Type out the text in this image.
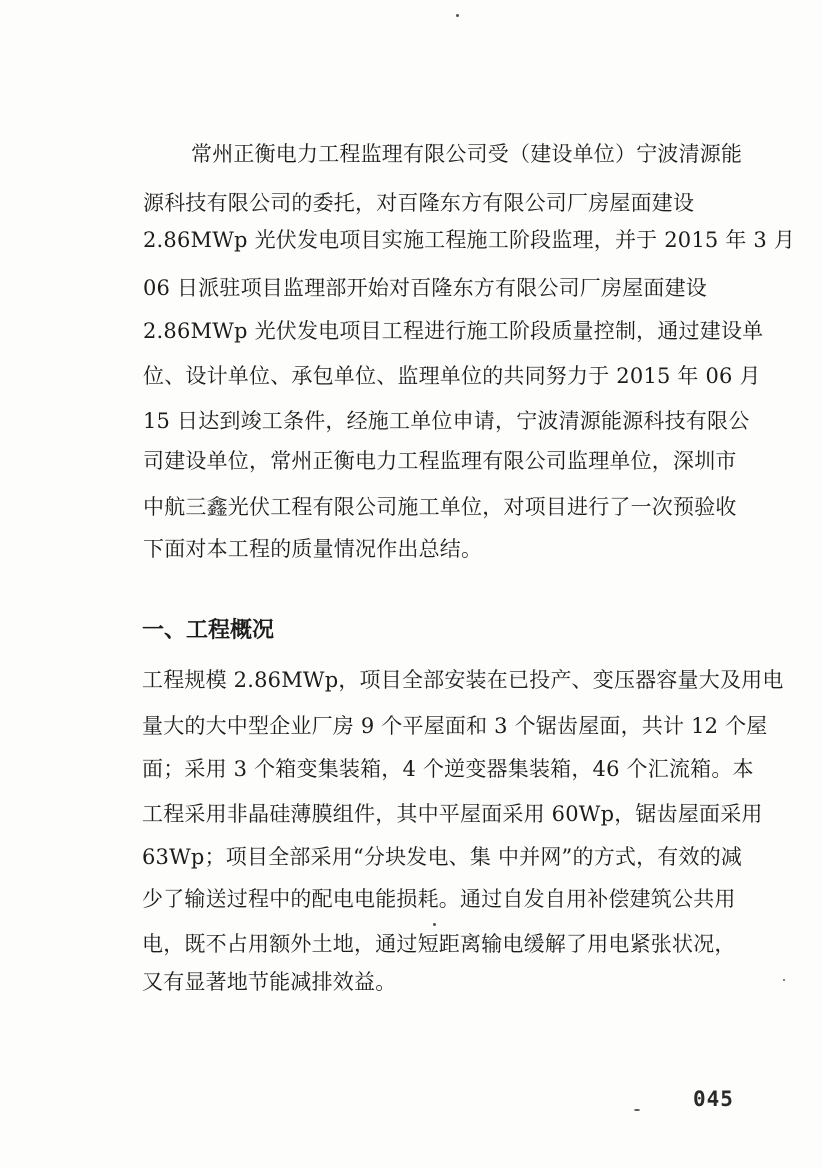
常州正衡电力工程监理有限公司受（建设单位）宁波清源能
源科技有限公司的委托，对百隆东方有限公司厂房屋面建设
2.86MWp 光伏发电项目实施工程施工阶段监理，并于 2015 年 3 月
06 日派驻项目监理部开始对百隆东方有限公司厂房屋面建设
2.86MWp 光伏发电项目工程进行施工阶段质量控制，通过建设单
位、设计单位、承包单位、监理单位的共同努力于 2015 年 06 月
15 日达到竣工条件，经施工单位申请，宁波清源能源科技有限公
司建设单位，常州正衡电力工程监理有限公司监理单位，深圳市
中航三鑫光伏工程有限公司施工单位，对项目进行了一次预验收
下面对本工程的质量情况作出总结。
一、工程概况
工程规模 2.86MWp，项目全部安装在已投产、变压器容量大及用电
量大的大中型企业厂房 9 个平屋面和 3 个锯齿屋面，共计 12 个屋
面；采用 3 个箱变集装箱，4 个逆变器集装箱，46 个汇流箱。本
工程采用非晶硅薄膜组件，其中平屋面采用 60Wp，锯齿屋面采用
63Wp；项目全部采用“分块发电、集 中并网”的方式，有效的减
少了输送过程中的配电电能损耗。通过自发自用补偿建筑公共用
电，既不占用额外土地，通过短距离输电缓解了用电紧张状况，
又有显著地节能减排效益。
045
